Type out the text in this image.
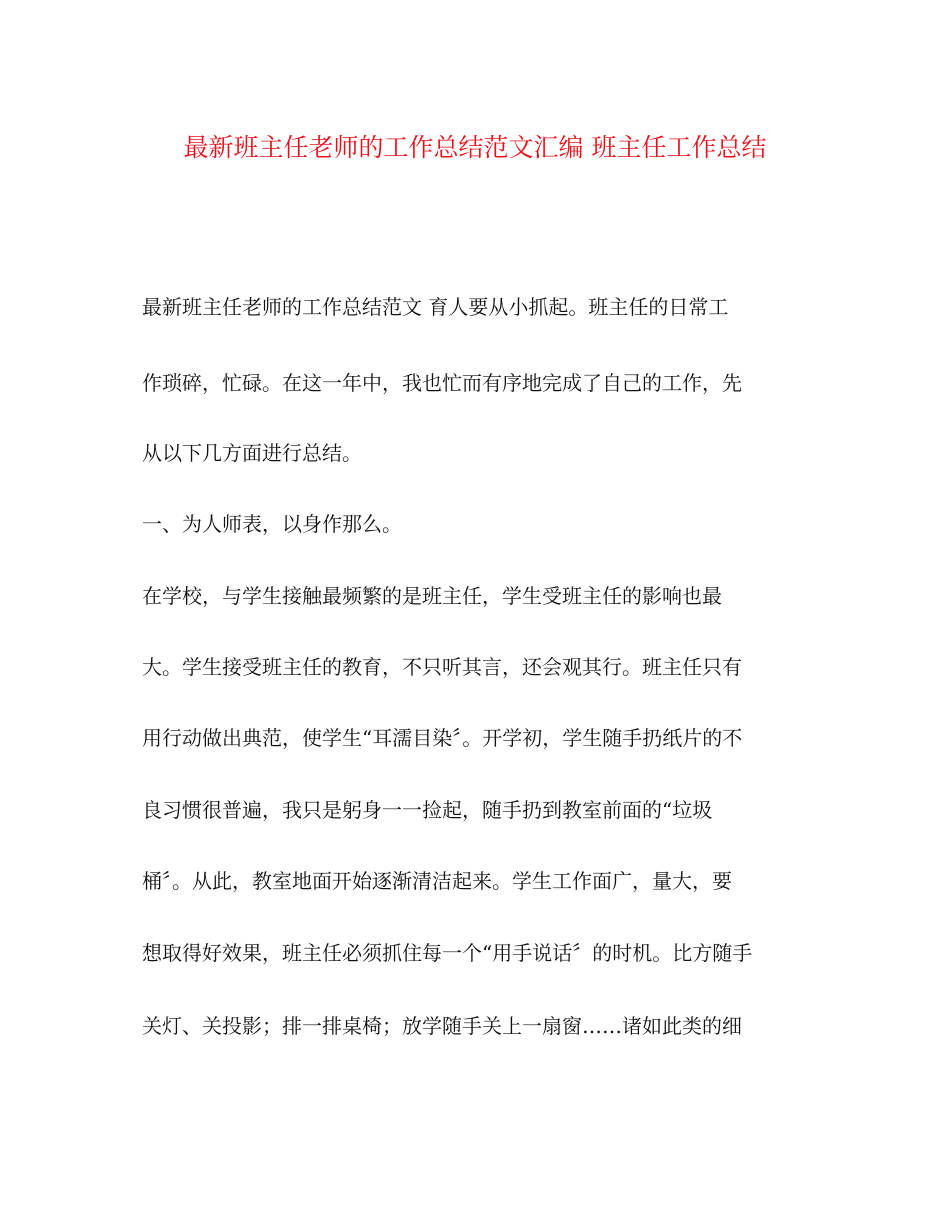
最新班主任老师的工作总结范文汇编 班主任工作总结
最新班主任老师的工作总结范文 育人要从小抓起。班主任的日常工
作琐碎，忙碌。在这一年中，我也忙而有序地完成了自己的工作，先
从以下几方面进行总结。
一、为人师表，以身作那么。
在学校，与学生接触最频繁的是班主任，学生受班主任的影响也最
大。学生接受班主任的教育，不只听其言，还会观其行。班主任只有
用行动做出典范，使学生“耳濡目染〞。开学初，学生随手扔纸片的不
良习惯很普遍，我只是躬身一一捡起，随手扔到教室前面的“垃圾
桶〞。从此，教室地面开始逐渐清洁起来。学生工作面广，量大，要
想取得好效果，班主任必须抓住每一个“用手说话〞的时机。比方随手
关灯、关投影；排一排桌椅；放学随手关上一扇窗……诸如此类的细
